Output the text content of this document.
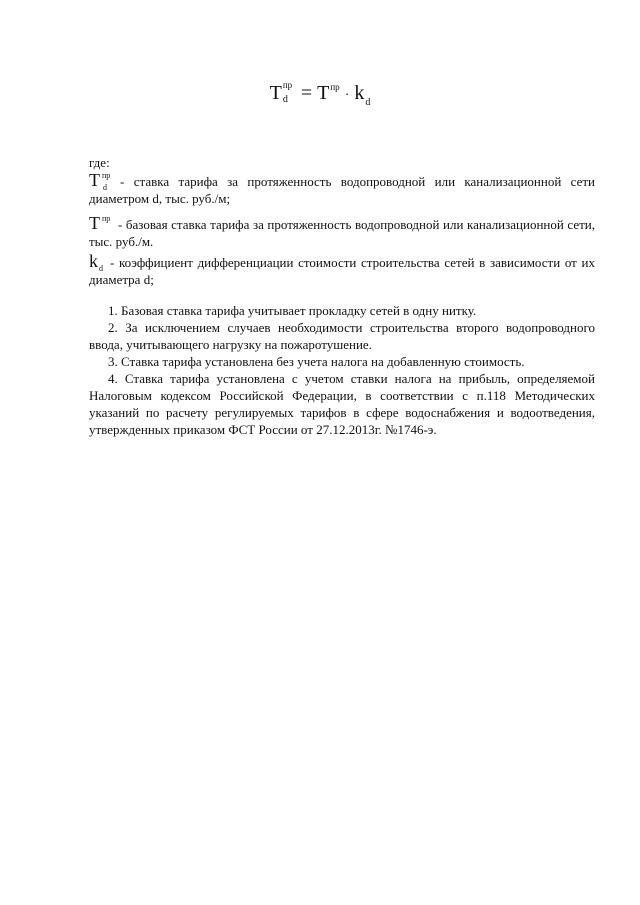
T пр
$d = T^{пр} \cdot k_d$
где:
T пр
d - ставка тарифа за протяженность водопроводной или канализационной сети диаметром d, тыс. руб./м;
T пр - базовая ставка тарифа за протяженность водопроводной или канализационной сети, тыс. руб./м.
k d - коэффициент дифференциации стоимости строительства сетей в зависимости от их диаметра d;

1. Базовая ставка тарифа учитывает прокладку сетей в одну нитку.

2. За исключением случаев необходимости строительства второго водопроводного ввода, учитывающего нагрузку на пожаротушение.

3. Ставка тарифа установлена без учета налога на добавленную стоимость.

4. Ставка тарифа установлена с учетом ставки налога на прибыль, определяемой Налоговым кодексом Российской Федерации, в соответствии с п.118 Методических указаний по расчету регулируемых тарифов в сфере водоснабжения и водоотведения, утвержденных приказом ФСТ России от 27.12.2013г. №1746-э.
